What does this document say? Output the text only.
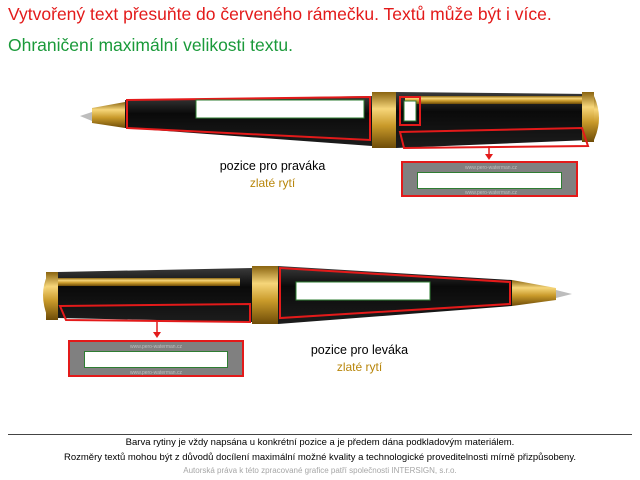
Vytvořený text přesuňte do červeného rámečku. Textů může být i více.
Ohraničení maximální velikosti textu.
pozice pro praváka
zlaté rytí
www.pero-waterman.cz
www.pero-waterman.cz
www.pero-waterman.cz
www.pero-waterman.cz
pozice pro leváka
zlaté rytí
Barva rytiny je vždy napsána u konkrétní pozice a je předem dána podkladovým materiálem.
Rozměry textů mohou být z důvodů docílení maximální možné kvality a technologické proveditelnosti mírně přizpůsobeny.
Autorská práva k této zpracované grafice patří společnosti INTERSIGN, s.r.o.
